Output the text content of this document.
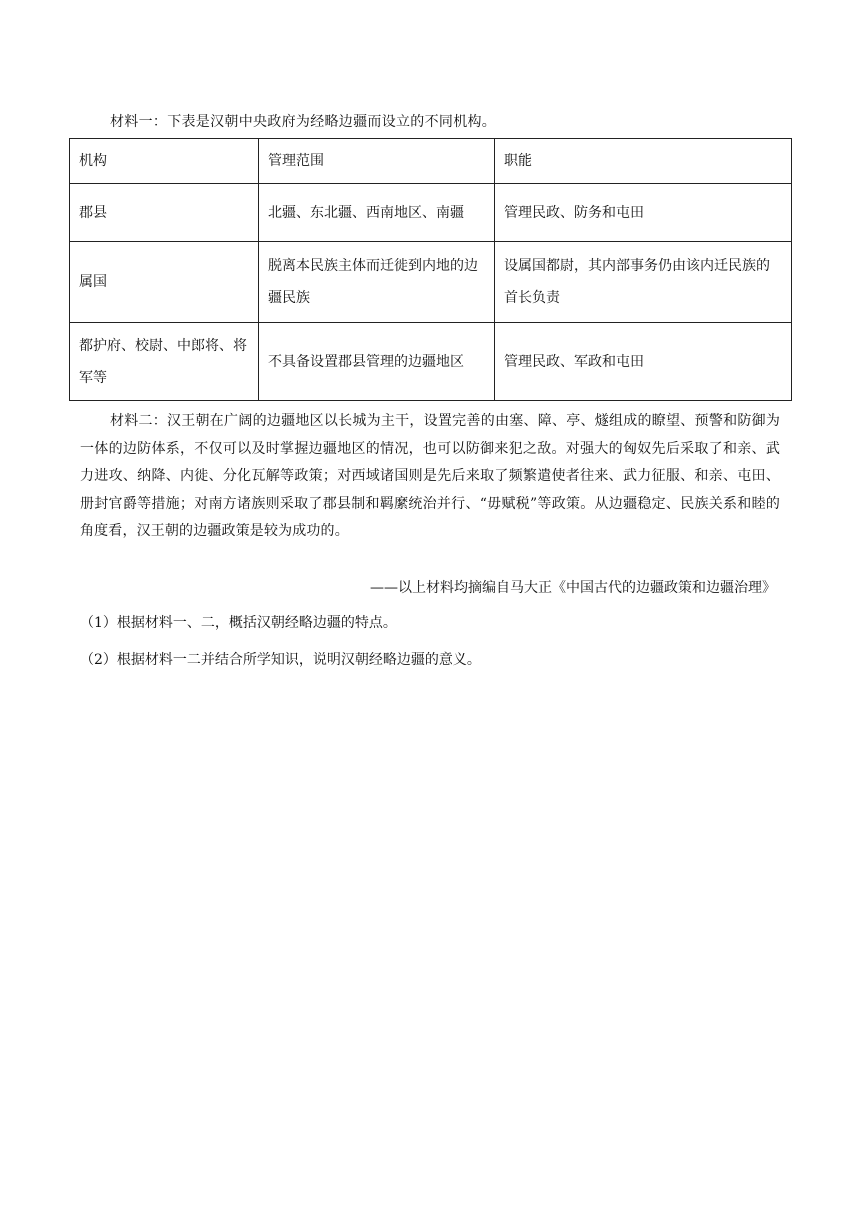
材料一：下表是汉朝中央政府为经略边疆而设立的不同机构。
机构	管理范围	职能
郡县	北疆、东北疆、西南地区、南疆	管理民政、防务和屯田
属国	脱离本民族主体而迁徙到内地的边疆民族	设属国都尉，其内部事务仍由该内迁民族的首长负责
都护府、校尉、中郎将、将军等	不具备设置郡县管理的边疆地区	管理民政、军政和屯田
材料二：汉王朝在广阔的边疆地区以长城为主干，设置完善的由塞、障、亭、燧组成的瞭望、预警和防御为一体的边防体系，不仅可以及时掌握边疆地区的情况，也可以防御来犯之敌。对强大的匈奴先后采取了和亲、武力进攻、纳降、内徙、分化瓦解等政策；对西域诸国则是先后来取了频繁遣使者往来、武力征服、和亲、屯田、册封官爵等措施；对南方诸族则采取了郡县制和羁縻统治并行、“毋赋税”等政策。从边疆稳定、民族关系和睦的角度看，汉王朝的边疆政策是较为成功的。
——以上材料均摘编自马大正《中国古代的边疆政策和边疆治理》
（1）根据材料一、二，概括汉朝经略边疆的特点。
（2）根据材料一二并结合所学知识，说明汉朝经略边疆的意义。
